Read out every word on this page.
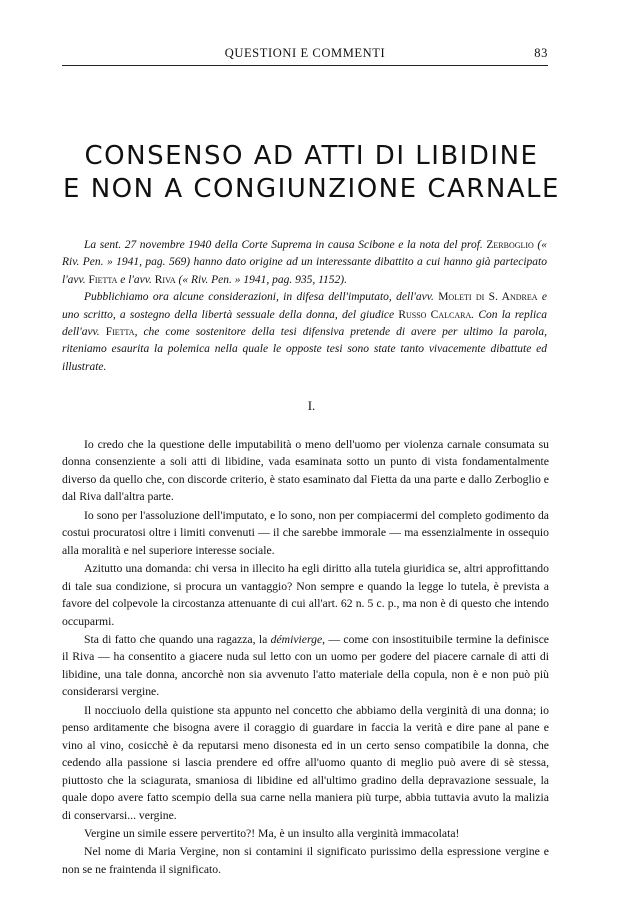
QUESTIONI E COMMENTI	83
CONSENSO AD ATTI DI LIBIDINE
E NON A CONGIUNZIONE CARNALE

La sent. 27 novembre 1940 della Corte Suprema in causa Scibone e la nota del prof. Zerboglio (« Riv. Pen. » 1941, pag. 569) hanno dato origine ad un interessante dibattito a cui hanno già partecipato l'avv. Fietta e l'avv. Riva (« Riv. Pen. » 1941, pag. 935, 1152).

Pubblichiamo ora alcune considerazioni, in difesa dell'imputato, dell'avv. Moleti di S. Andrea e uno scritto, a sostegno della libertà sessuale della donna, del giudice Russo Calcara. Con la replica dell'avv. Fietta, che come sostenitore della tesi difensiva pretende di avere per ultimo la parola, riteniamo esaurita la polemica nella quale le opposte tesi sono state tanto vivacemente dibattute ed illustrate.

I.

Io credo che la questione delle imputabilità o meno dell'uomo per violenza carnale consumata su donna consenziente a soli atti di libidine, vada esaminata sotto un punto di vista fondamentalmente diverso da quello che, con discorde criterio, è stato esaminato dal Fietta da una parte e dallo Zerboglio e dal Riva dall'altra parte.

Io sono per l'assoluzione dell'imputato, e lo sono, non per compiacermi del completo godimento da costui procuratosi oltre i limiti convenuti — il che sarebbe immorale — ma essenzialmente in ossequio alla moralità e nel superiore interesse sociale.

Azitutto una domanda: chi versa in illecito ha egli diritto alla tutela giuridica se, altri approfittando di tale sua condizione, si procura un vantaggio? Non sempre e quando la legge lo tutela, è prevista a favore del colpevole la circostanza attenuante di cui all'art. 62 n. 5 c. p., ma non è di questo che intendo occuparmi.

Sta di fatto che quando una ragazza, la démivierge, — come con insostituibile termine la definisce il Riva — ha consentito a giacere nuda sul letto con un uomo per godere del piacere carnale di atti di libidine, una tale donna, ancorchè non sia avvenuto l'atto materiale della copula, non è e non può più considerarsi vergine.

Il nocciuolo della quistione sta appunto nel concetto che abbiamo della verginità di una donna; io penso arditamente che bisogna avere il coraggio di guardare in faccia la verità e dire pane al pane e vino al vino, cosicchè è da reputarsi meno disonesta ed in un certo senso compatibile la donna, che cedendo alla passione si lascia prendere ed offre all'uomo quanto di meglio può avere di sè stessa, piuttosto che la sciagurata, smaniosa di libidine ed all'ultimo gradino della depravazione sessuale, la quale dopo avere fatto scempio della sua carne nella maniera più turpe, abbia tuttavia avuto la malizia di conservarsi... vergine.

Vergine un simile essere pervertito?! Ma, è un insulto alla verginità immacolata!

Nel nome di Maria Vergine, non si contamini il significato purissimo della espressione vergine e non se ne fraintenda il significato.
